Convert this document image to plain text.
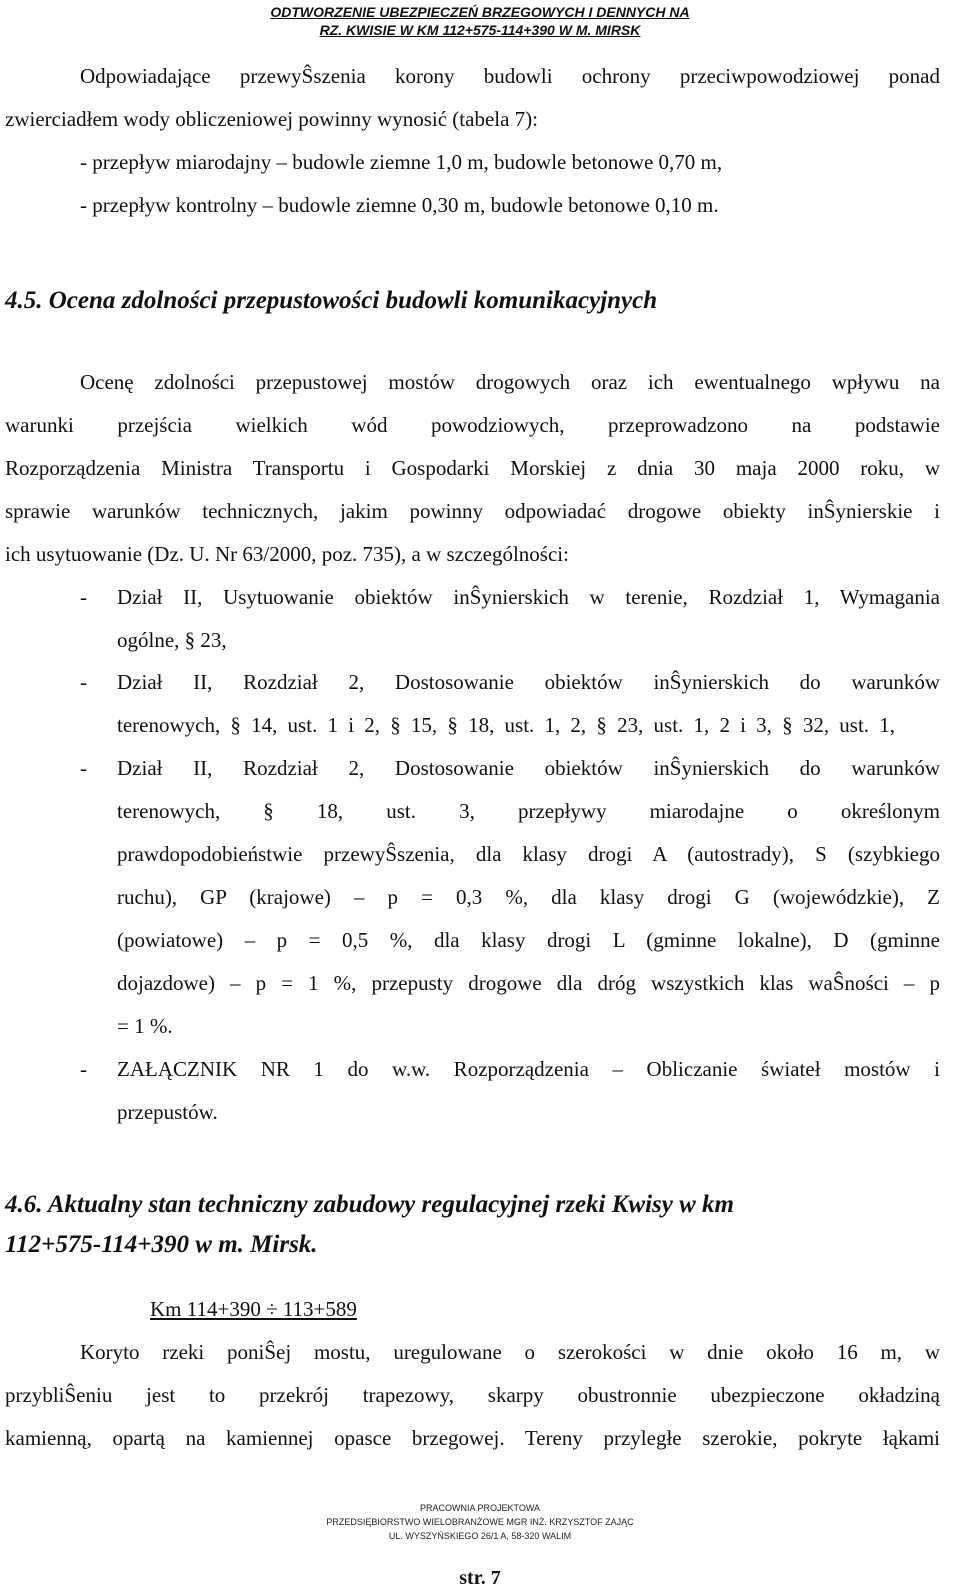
ODTWORZENIE UBEZPIECZEŃ BRZEGOWYCH I DENNYCH NA
RZ. KWISIE W KM 112+575-114+390 W M. MIRSK
Odpowiadające przewyŜszenia korony budowli ochrony przeciwpowodziowej ponad
zwierciadłem wody obliczeniowej powinny wynosić (tabela 7):
- przepływ miarodajny – budowle ziemne 1,0 m, budowle betonowe 0,70 m,
- przepływ kontrolny – budowle ziemne 0,30 m, budowle betonowe 0,10 m.
4.5. Ocena zdolności przepustowości budowli komunikacyjnych
Ocenę zdolności przepustowej mostów drogowych oraz ich ewentualnego wpływu na
warunki przejścia wielkich wód powodziowych, przeprowadzono na podstawie
Rozporządzenia Ministra Transportu i Gospodarki Morskiej z dnia 30 maja 2000 roku, w
sprawie warunków technicznych, jakim powinny odpowiadać drogowe obiekty inŜynierskie i
ich usytuowanie (Dz. U. Nr 63/2000, poz. 735), a w szczególności:
- Dział II, Usytuowanie obiektów inŜynierskich w terenie, Rozdział 1, Wymagania
ogólne, § 23,
- Dział II, Rozdział 2, Dostosowanie obiektów inŜynierskich do warunków
terenowych, § 14, ust. 1 i 2, § 15, § 18, ust. 1, 2, § 23, ust. 1, 2 i 3, § 32, ust. 1,
- Dział II, Rozdział 2, Dostosowanie obiektów inŜynierskich do warunków
terenowych, § 18, ust. 3, przepływy miarodajne o określonym
prawdopodobieństwie przewyŜszenia, dla klasy drogi A (autostrady), S (szybkiego
ruchu), GP (krajowe) – p = 0,3 %, dla klasy drogi G (wojewódzkie), Z
(powiatowe) – p = 0,5 %, dla klasy drogi L (gminne lokalne), D (gminne
dojazdowe) – p = 1 %, przepusty drogowe dla dróg wszystkich klas waŜności – p
= 1 %.
- ZAŁĄCZNIK NR 1 do w.w. Rozporządzenia – Obliczanie świateł mostów i
przepustów.
4.6. Aktualny stan techniczny zabudowy regulacyjnej rzeki Kwisy w km
112+575-114+390 w m. Mirsk.
Km 114+390 ÷ 113+589
Koryto rzeki poniŜej mostu, uregulowane o szerokości w dnie około 16 m, w
przybliŜeniu jest to przekrój trapezowy, skarpy obustronnie ubezpieczone okładziną
kamienną, opartą na kamiennej opasce brzegowej. Tereny przyległe szerokie, pokryte łąkami
PRACOWNIA PROJEKTOWA
PRZEDSIĘBIORSTWO WIELOBRANŻOWE MGR INŻ. KRZYSZTOF ZAJĄC
UL. WYSZYŃSKIEGO 26/1 A, 58-320 WALIM
str. 7
